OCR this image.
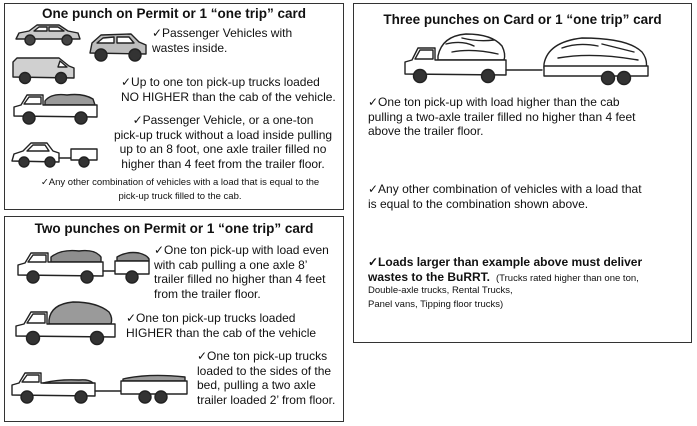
One punch on Permit or 1 “one trip” card
✓Passenger Vehicles with
wastes inside.
✓Up to one ton pick-up trucks loaded
NO HIGHER than the cab of the vehicle.
✓Passenger Vehicle, or a one-ton
pick-up truck without a load inside pulling
up to an 8 foot, one axle trailer filled no
higher than 4 feet from the trailer floor.
✓Any other combination of vehicles with a load that is equal to the
pick-up truck filled to the cab.
Two punches on Permit or 1 “one trip” card
✓One ton pick-up with load even
with cab pulling a one axle 8’
trailer filled no higher than 4 feet
from the trailer floor.
✓One ton pick-up trucks loaded
HIGHER than the cab of the vehicle
✓One ton pick-up trucks
loaded to the sides of the
bed, pulling a two axle
trailer loaded 2’ from floor.
Three punches on Card or 1 “one trip” card
✓One ton pick-up with load higher than the cab
pulling a two-axle trailer filled no higher than 4 feet
above the trailer floor.
✓Any other combination of vehicles with a load that
is equal to the combination shown above.
✓Loads larger than example above must deliver
wastes to the BuRRT. (Trucks rated higher than one ton,
Double-axle trucks, Rental Trucks,
Panel vans, Tipping floor trucks)
